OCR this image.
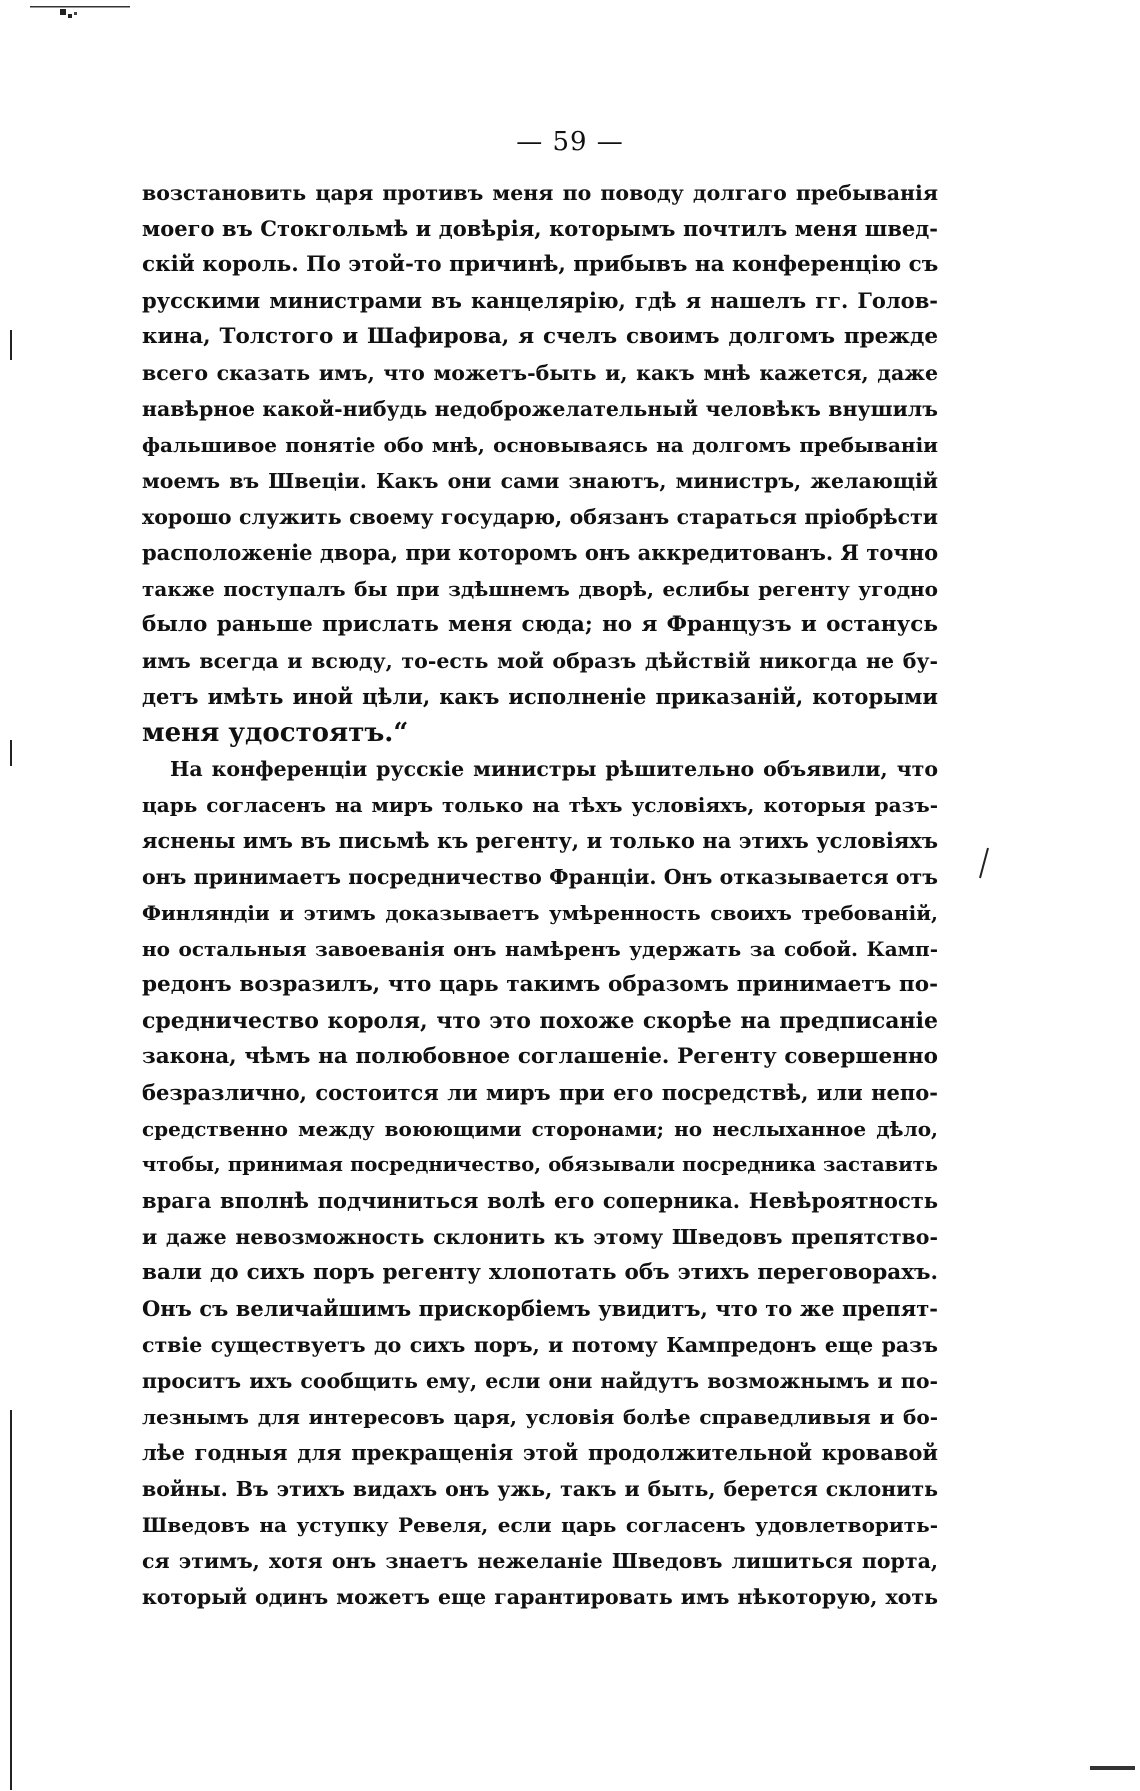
— 59 —
возстановить царя противъ меня по поводу долгаго пребыванія
моего въ Стокгольмѣ и довѣрія, которымъ почтилъ меня швед-
скій король. По этой-то причинѣ, прибывъ на конференцію съ
русскими министрами въ канцелярію, гдѣ я нашелъ гг. Голов-
кина, Толстого и Шафирова, я счелъ своимъ долгомъ прежде
всего сказать имъ, что можетъ-быть и, какъ мнѣ кажется, даже
навѣрное какой-нибудь недоброжелательный человѣкъ внушилъ
фальшивое понятіе обо мнѣ, основываясь на долгомъ пребываніи
моемъ въ Швеціи. Какъ они сами знаютъ, министръ, желающій
хорошо служить своему государю, обязанъ стараться пріобрѣсти
расположеніе двора, при которомъ онъ аккредитованъ. Я точно
также поступалъ бы при здѣшнемъ дворѣ, еслибы регенту угодно
было раньше прислать меня сюда; но я Французъ и останусь
имъ всегда и всюду, то-есть мой образъ дѣйствій никогда не бу-
детъ имѣть иной цѣли, какъ исполненіе приказаній, которыми
меня удостоятъ.“
На конференціи русскіе министры рѣшительно объявили, что
царь согласенъ на миръ только на тѣхъ условіяхъ, которыя разъ-
яснены имъ въ письмѣ къ регенту, и только на этихъ условіяхъ
онъ принимаетъ посредничество Франціи. Онъ отказывается отъ
Финляндіи и этимъ доказываетъ умѣренность своихъ требованій,
но остальныя завоеванія онъ намѣренъ удержать за собой. Камп-
редонъ возразилъ, что царь такимъ образомъ принимаетъ по-
средничество короля, что это похоже скорѣе на предписаніе
закона, чѣмъ на полюбовное соглашеніе. Регенту совершенно
безразлично, состоится ли миръ при его посредствѣ, или непо-
средственно между воюющими сторонами; но неслыханное дѣло,
чтобы, принимая посредничество, обязывали посредника заставить
врага вполнѣ подчиниться волѣ его соперника. Невѣроятность
и даже невозможность склонить къ этому Шведовъ препятство-
вали до сихъ поръ регенту хлопотать объ этихъ переговорахъ.
Онъ съ величайшимъ прискорбіемъ увидитъ, что то же препят-
ствіе существуетъ до сихъ поръ, и потому Кампредонъ еще разъ
проситъ ихъ сообщить ему, если они найдутъ возможнымъ и по-
лезнымъ для интересовъ царя, условія болѣе справедливыя и бо-
лѣе годныя для прекращенія этой продолжительной кровавой
войны. Въ этихъ видахъ онъ ужь, такъ и быть, берется склонить
Шведовъ на уступку Ревеля, если царь согласенъ удовлетворить-
ся этимъ, хотя онъ знаетъ нежеланіе Шведовъ лишиться порта,
который одинъ можетъ еще гарантировать имъ нѣкоторую, хоть
